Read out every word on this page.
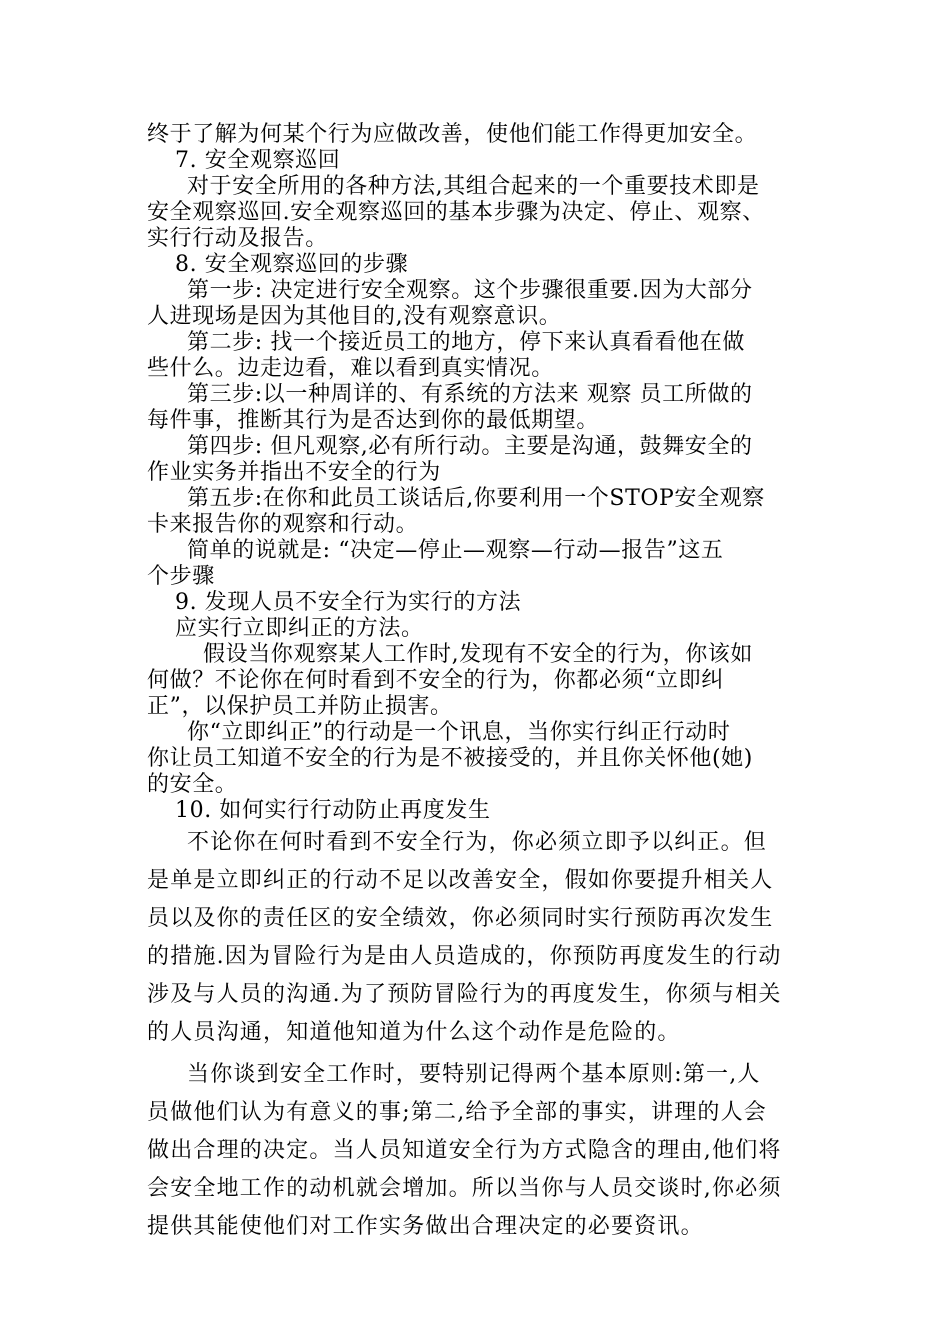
终于了解为何某个行为应做改善，使他们能工作得更加安全。

7. 安全观察巡回

对于安全所用的各种方法,其组合起来的一个重要技术即是

安全观察巡回.安全观察巡回的基本步骤为决定、停止、观察、

实行行动及报告。

8. 安全观察巡回的步骤

第一步: 决定进行安全观察。这个步骤很重要.因为大部分

人进现场是因为其他目的,没有观察意识。

第二步: 找一个接近员工的地方，停下来认真看看他在做

些什么。边走边看，难以看到真实情况。

第三步:以一种周详的、有系统的方法来 观察 员工所做的

每件事，推断其行为是否达到你的最低期望。

第四步: 但凡观察,必有所行动。主要是沟通，鼓舞安全的

作业实务并指出不安全的行为

第五步:在你和此员工谈话后,你要利用一个STOP安全观察

卡来报告你的观察和行动。

简单的说就是: “决定—停止—观察—行动—报告”这五

个步骤

9. 发现人员不安全行为实行的方法

应实行立即纠正的方法。

假设当你观察某人工作时,发现有不安全的行为，你该如

何做？不论你在何时看到不安全的行为，你都必须“立即纠

正”，以保护员工并防止损害。

你“立即纠正”的行动是一个讯息，当你实行纠正行动时

你让员工知道不安全的行为是不被接受的，并且你关怀他(她)

的安全。

10. 如何实行行动防止再度发生

不论你在何时看到不安全行为，你必须立即予以纠正。但

是单是立即纠正的行动不足以改善安全，假如你要提升相关人

员以及你的责任区的安全绩效，你必须同时实行预防再次发生

的措施.因为冒险行为是由人员造成的，你预防再度发生的行动

涉及与人员的沟通.为了预防冒险行为的再度发生，你须与相关

的人员沟通，知道他知道为什么这个动作是危险的。

当你谈到安全工作时，要特别记得两个基本原则:第一,人

员做他们认为有意义的事;第二,给予全部的事实，讲理的人会

做出合理的决定。当人员知道安全行为方式隐含的理由,他们将

会安全地工作的动机就会增加。所以当你与人员交谈时,你必须

提供其能使他们对工作实务做出合理决定的必要资讯。
